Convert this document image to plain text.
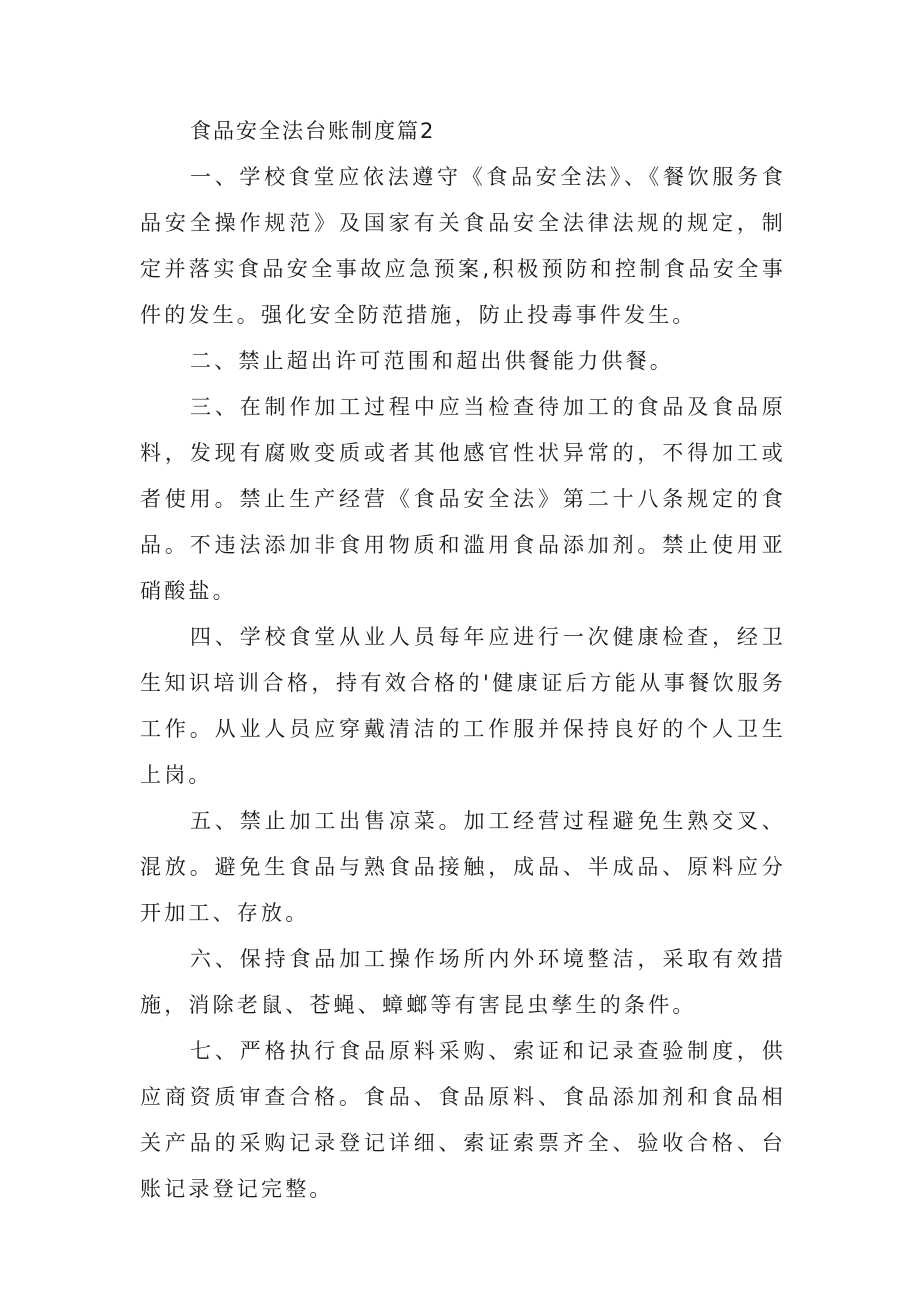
食品安全法台账制度篇2

一、学校食堂应依法遵守《食品安全法》、《餐饮服务食品安全操作规范》及国家有关食品安全法律法规的规定，制定并落实食品安全事故应急预案,积极预防和控制食品安全事件的发生。强化安全防范措施，防止投毒事件发生。

二、禁止超出许可范围和超出供餐能力供餐。

三、在制作加工过程中应当检查待加工的食品及食品原料，发现有腐败变质或者其他感官性状异常的，不得加工或者使用。禁止生产经营《食品安全法》第二十八条规定的食品。不违法添加非食用物质和滥用食品添加剂。禁止使用亚硝酸盐。

四、学校食堂从业人员每年应进行一次健康检查，经卫生知识培训合格，持有效合格的'健康证后方能从事餐饮服务工作。从业人员应穿戴清洁的工作服并保持良好的个人卫生上岗。

五、禁止加工出售凉菜。加工经营过程避免生熟交叉、混放。避免生食品与熟食品接触，成品、半成品、原料应分开加工、存放。

六、保持食品加工操作场所内外环境整洁，采取有效措施，消除老鼠、苍蝇、蟑螂等有害昆虫孳生的条件。

七、严格执行食品原料采购、索证和记录查验制度，供应商资质审查合格。食品、食品原料、食品添加剂和食品相关产品的采购记录登记详细、索证索票齐全、验收合格、台账记录登记完整。
